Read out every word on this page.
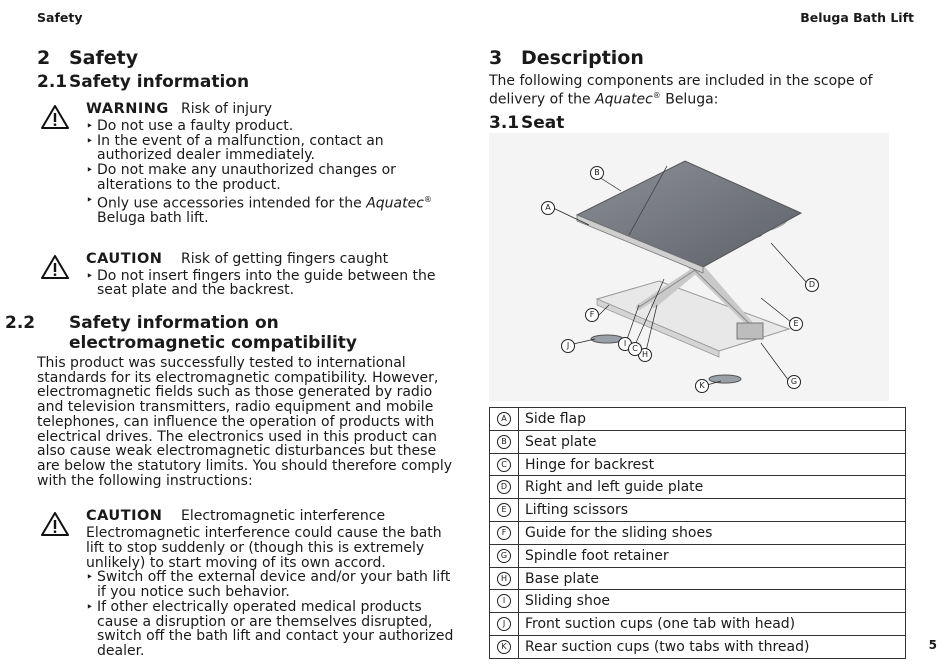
Safety	Beluga Bath Lift
2 Safety
2.1 Safety information
WARNING Risk of injury
‣ Do not use a faulty product.
‣ In the event of a malfunction, contact an authorized dealer immediately.
‣ Do not make any unauthorized changes or alterations to the product.
‣ Only use accessories intended for the Aquatec® Beluga bath lift.
CAUTION Risk of getting fingers caught
‣ Do not insert fingers into the guide between the seat plate and the backrest.
2.2 Safety information on
electromagnetic compatibility

This product was successfully tested to international standards for its electromagnetic compatibility. However, electromagnetic fields such as those generated by radio and television transmitters, radio equipment and mobile telephones, can influence the operation of products with electrical drives. The electronics used in this product can also cause weak electromagnetic disturbances but these are below the statutory limits. You should therefore comply with the following instructions:

CAUTION Electromagnetic interference

Electromagnetic interference could cause the bath lift to stop suddenly or (though this is extremely unlikely) to start moving of its own accord.

‣ Switch off the external device and/or your bath lift if you notice such behavior.
‣ If other electrically operated medical products cause a disruption or are themselves disrupted, switch off the bath lift and contact your authorized dealer.
3 Description

The following components are included in the scope of delivery of the Aquatec® Beluga:

3.1 Seat
B
A
D
E
F
G
H
I
J
K
C
A	Side flap
B	Seat plate
C	Hinge for backrest
D	Right and left guide plate
E	Lifting scissors
F	Guide for the sliding shoes
G	Spindle foot retainer
H	Base plate
I	Sliding shoe
J	Front suction cups (one tab with head)
K	Rear suction cups (two tabs with thread)	5
